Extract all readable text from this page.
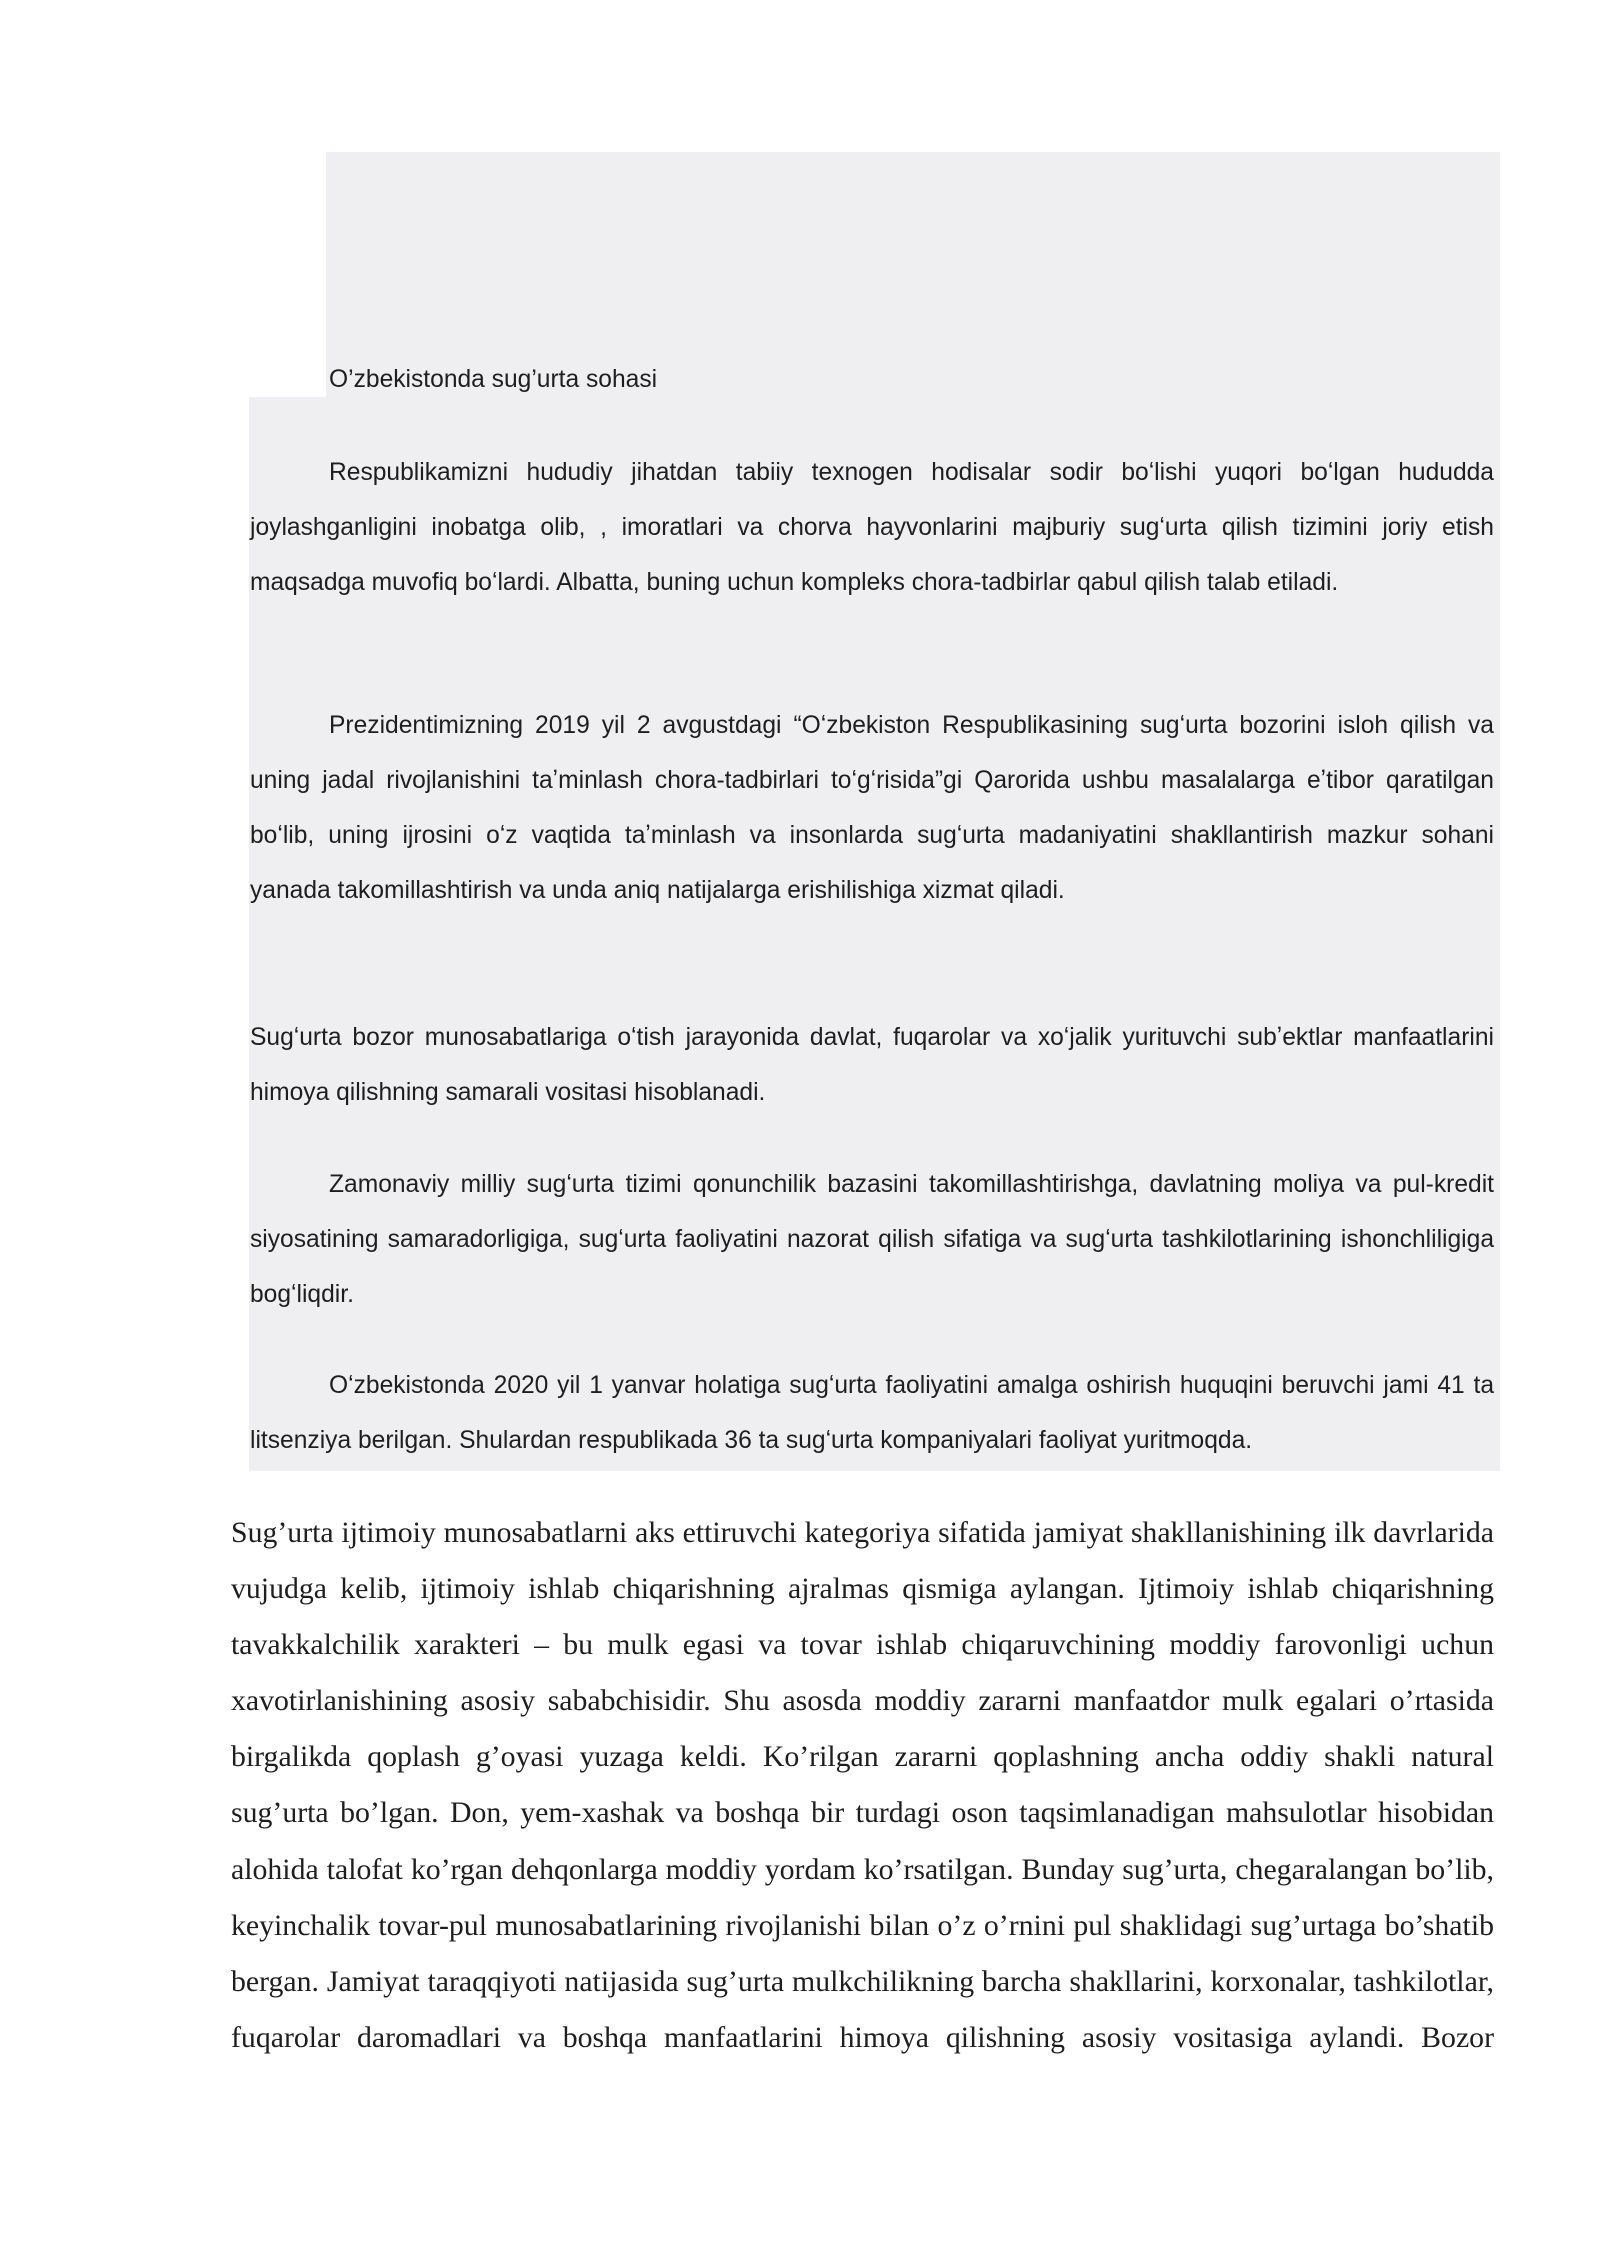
O’zbekistonda sug’urta sohasi

Respublikamizni hududiy jihatdan tabiiy texnogen hodisalar sodir boʻlishi yuqori boʻlgan hududda joylashganligini inobatga olib, , imoratlari va chorva hayvonlarini majburiy sugʻurta qilish tizimini joriy etish maqsadga muvofiq boʻlardi. Albatta, buning uchun kompleks chora-tadbirlar qabul qilish talab etiladi.

Prezidentimizning 2019 yil 2 avgustdagi “Oʻzbekiston Respublikasining sugʻurta bozorini isloh qilish va uning jadal rivojlanishini taʼminlash chora-tadbirlari toʻgʻrisida”gi Qarorida ushbu masalalarga eʼtibor qaratilgan boʻlib, uning ijrosini oʻz vaqtida taʼminlash va insonlarda sugʻurta madaniyatini shakllantirish mazkur sohani yanada takomillashtirish va unda aniq natijalarga erishilishiga xizmat qiladi.

Sugʻurta bozor munosabatlariga oʻtish jarayonida davlat, fuqarolar va xoʻjalik yurituvchi subʼektlar manfaatlarini himoya qilishning samarali vositasi hisoblanadi.

Zamonaviy milliy sugʻurta tizimi qonunchilik bazasini takomillashtirishga, davlatning moliya va pul-kredit siyosatining samaradorligiga, sugʻurta faoliyatini nazorat qilish sifatiga va sugʻurta tashkilotlarining ishonchliligiga bogʻliqdir.

Oʻzbekistonda 2020 yil 1 yanvar holatiga sugʻurta faoliyatini amalga oshirish huquqini beruvchi jami 41 ta litsenziya berilgan. Shulardan respublikada 36 ta sugʻurta kompaniyalari faoliyat yuritmoqda.

Sug’urta ijtimoiy munosabatlarni aks ettiruvchi kategoriya sifatida jamiyat shakllanishining ilk davrlarida vujudga kelib, ijtimoiy ishlab chiqarishning ajralmas qismiga aylangan. Ijtimoiy ishlab chiqarishning tavakkalchilik xarakteri – bu mulk egasi va tovar ishlab chiqaruvchining moddiy farovonligi uchun xavotirlanishining asosiy sababchisidir. Shu asosda moddiy zararni manfaatdor mulk egalari o’rtasida birgalikda qoplash g’oyasi yuzaga keldi. Ko’rilgan zararni qoplashning ancha oddiy shakli natural sug’urta bo’lgan. Don, yem-xashak va boshqa bir turdagi oson taqsimlanadigan mahsulotlar hisobidan alohida talofat ko’rgan dehqonlarga moddiy yordam ko’rsatilgan. Bunday sug’urta, chegaralangan bo’lib, keyinchalik tovar-pul munosabatlarining rivojlanishi bilan o’z o’rnini pul shaklidagi sug’urtaga bo’shatib bergan. Jamiyat taraqqiyoti natijasida sug’urta mulkchilikning barcha shakllarini, korxonalar, tashkilotlar, fuqarolar daromadlari va boshqa manfaatlarini himoya qilishning asosiy vositasiga aylandi. Bozor
